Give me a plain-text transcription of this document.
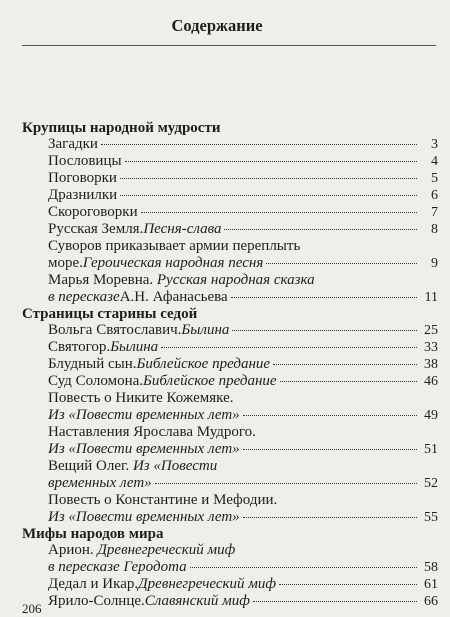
Содержание
Крупицы народной мудрости
Загадки	3
Пословицы	4
Поговорки	5
Дразнилки	6
Скороговорки	7
Русская Земля. Песня-слава	8
Суворов приказывает армии переплыть
море. Героическая народная песня	9
Марья Моревна. Русская народная сказка
в пересказе А.Н. Афанасьева	11
Страницы старины седой
Вольга Святославич. Былина	25
Святогор. Былина	33
Блудный сын. Библейское предание	38
Суд Соломона. Библейское предание	46
Повесть о Никите Кожемяке.
Из «Повести временных лет»	49
Наставления Ярослава Мудрого.
Из «Повести временных лет»	51
Вещий Олег. Из «Повести
временных лет»	52
Повесть о Константине и Мефодии.
Из «Повести временных лет»	55
Мифы народов мира
Арион. Древнегреческий миф
в пересказе Геродота	58
Дедал и Икар. Древнегреческий миф	61
Ярило-Солнце. Славянский миф	66
206
